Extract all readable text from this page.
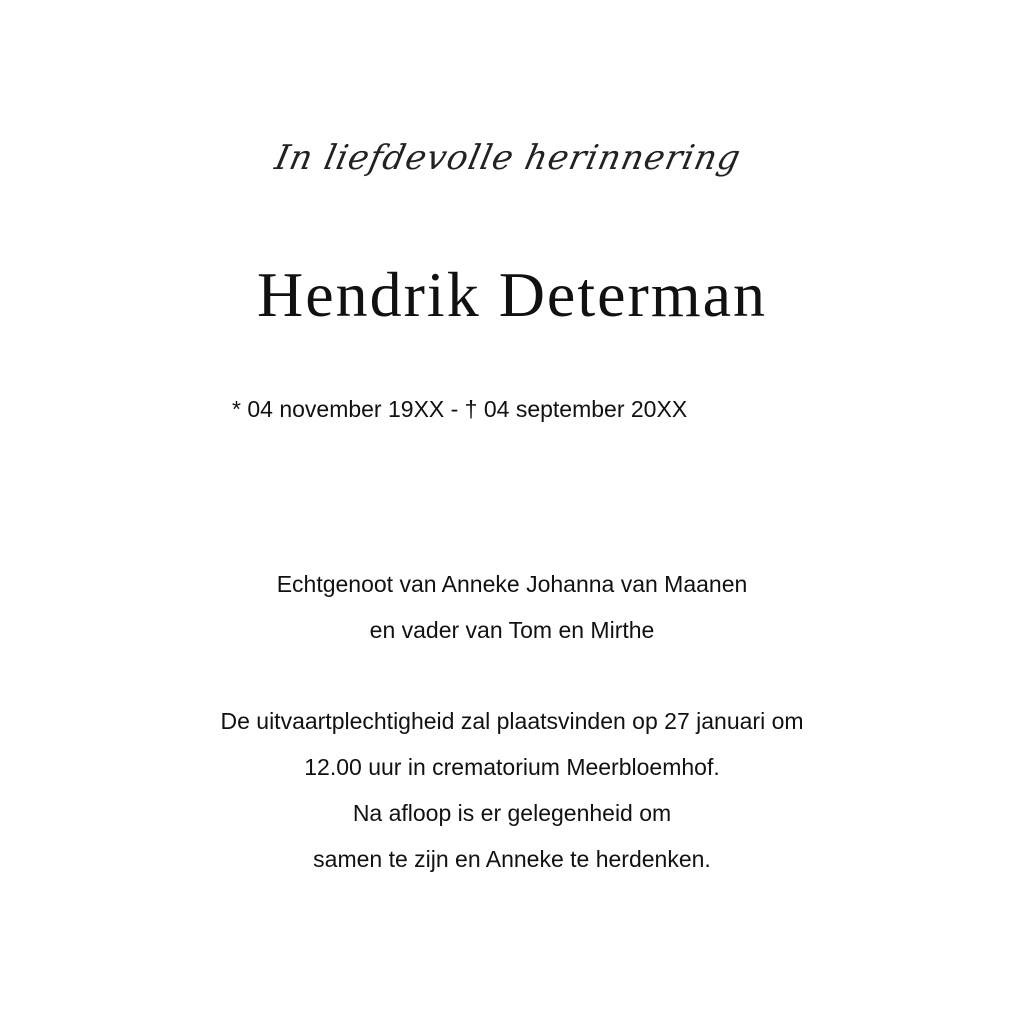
In liefdevolle herinnering
Hendrik Determan
* 04 november 19XX - † 04 september 20XX
Echtgenoot van Anneke Johanna van Maanen
en vader van Tom en Mirthe
De uitvaartplechtigheid zal plaatsvinden op 27 januari om
12.00 uur in crematorium Meerbloemhof.
Na afloop is er gelegenheid om
samen te zijn en Anneke te herdenken.
